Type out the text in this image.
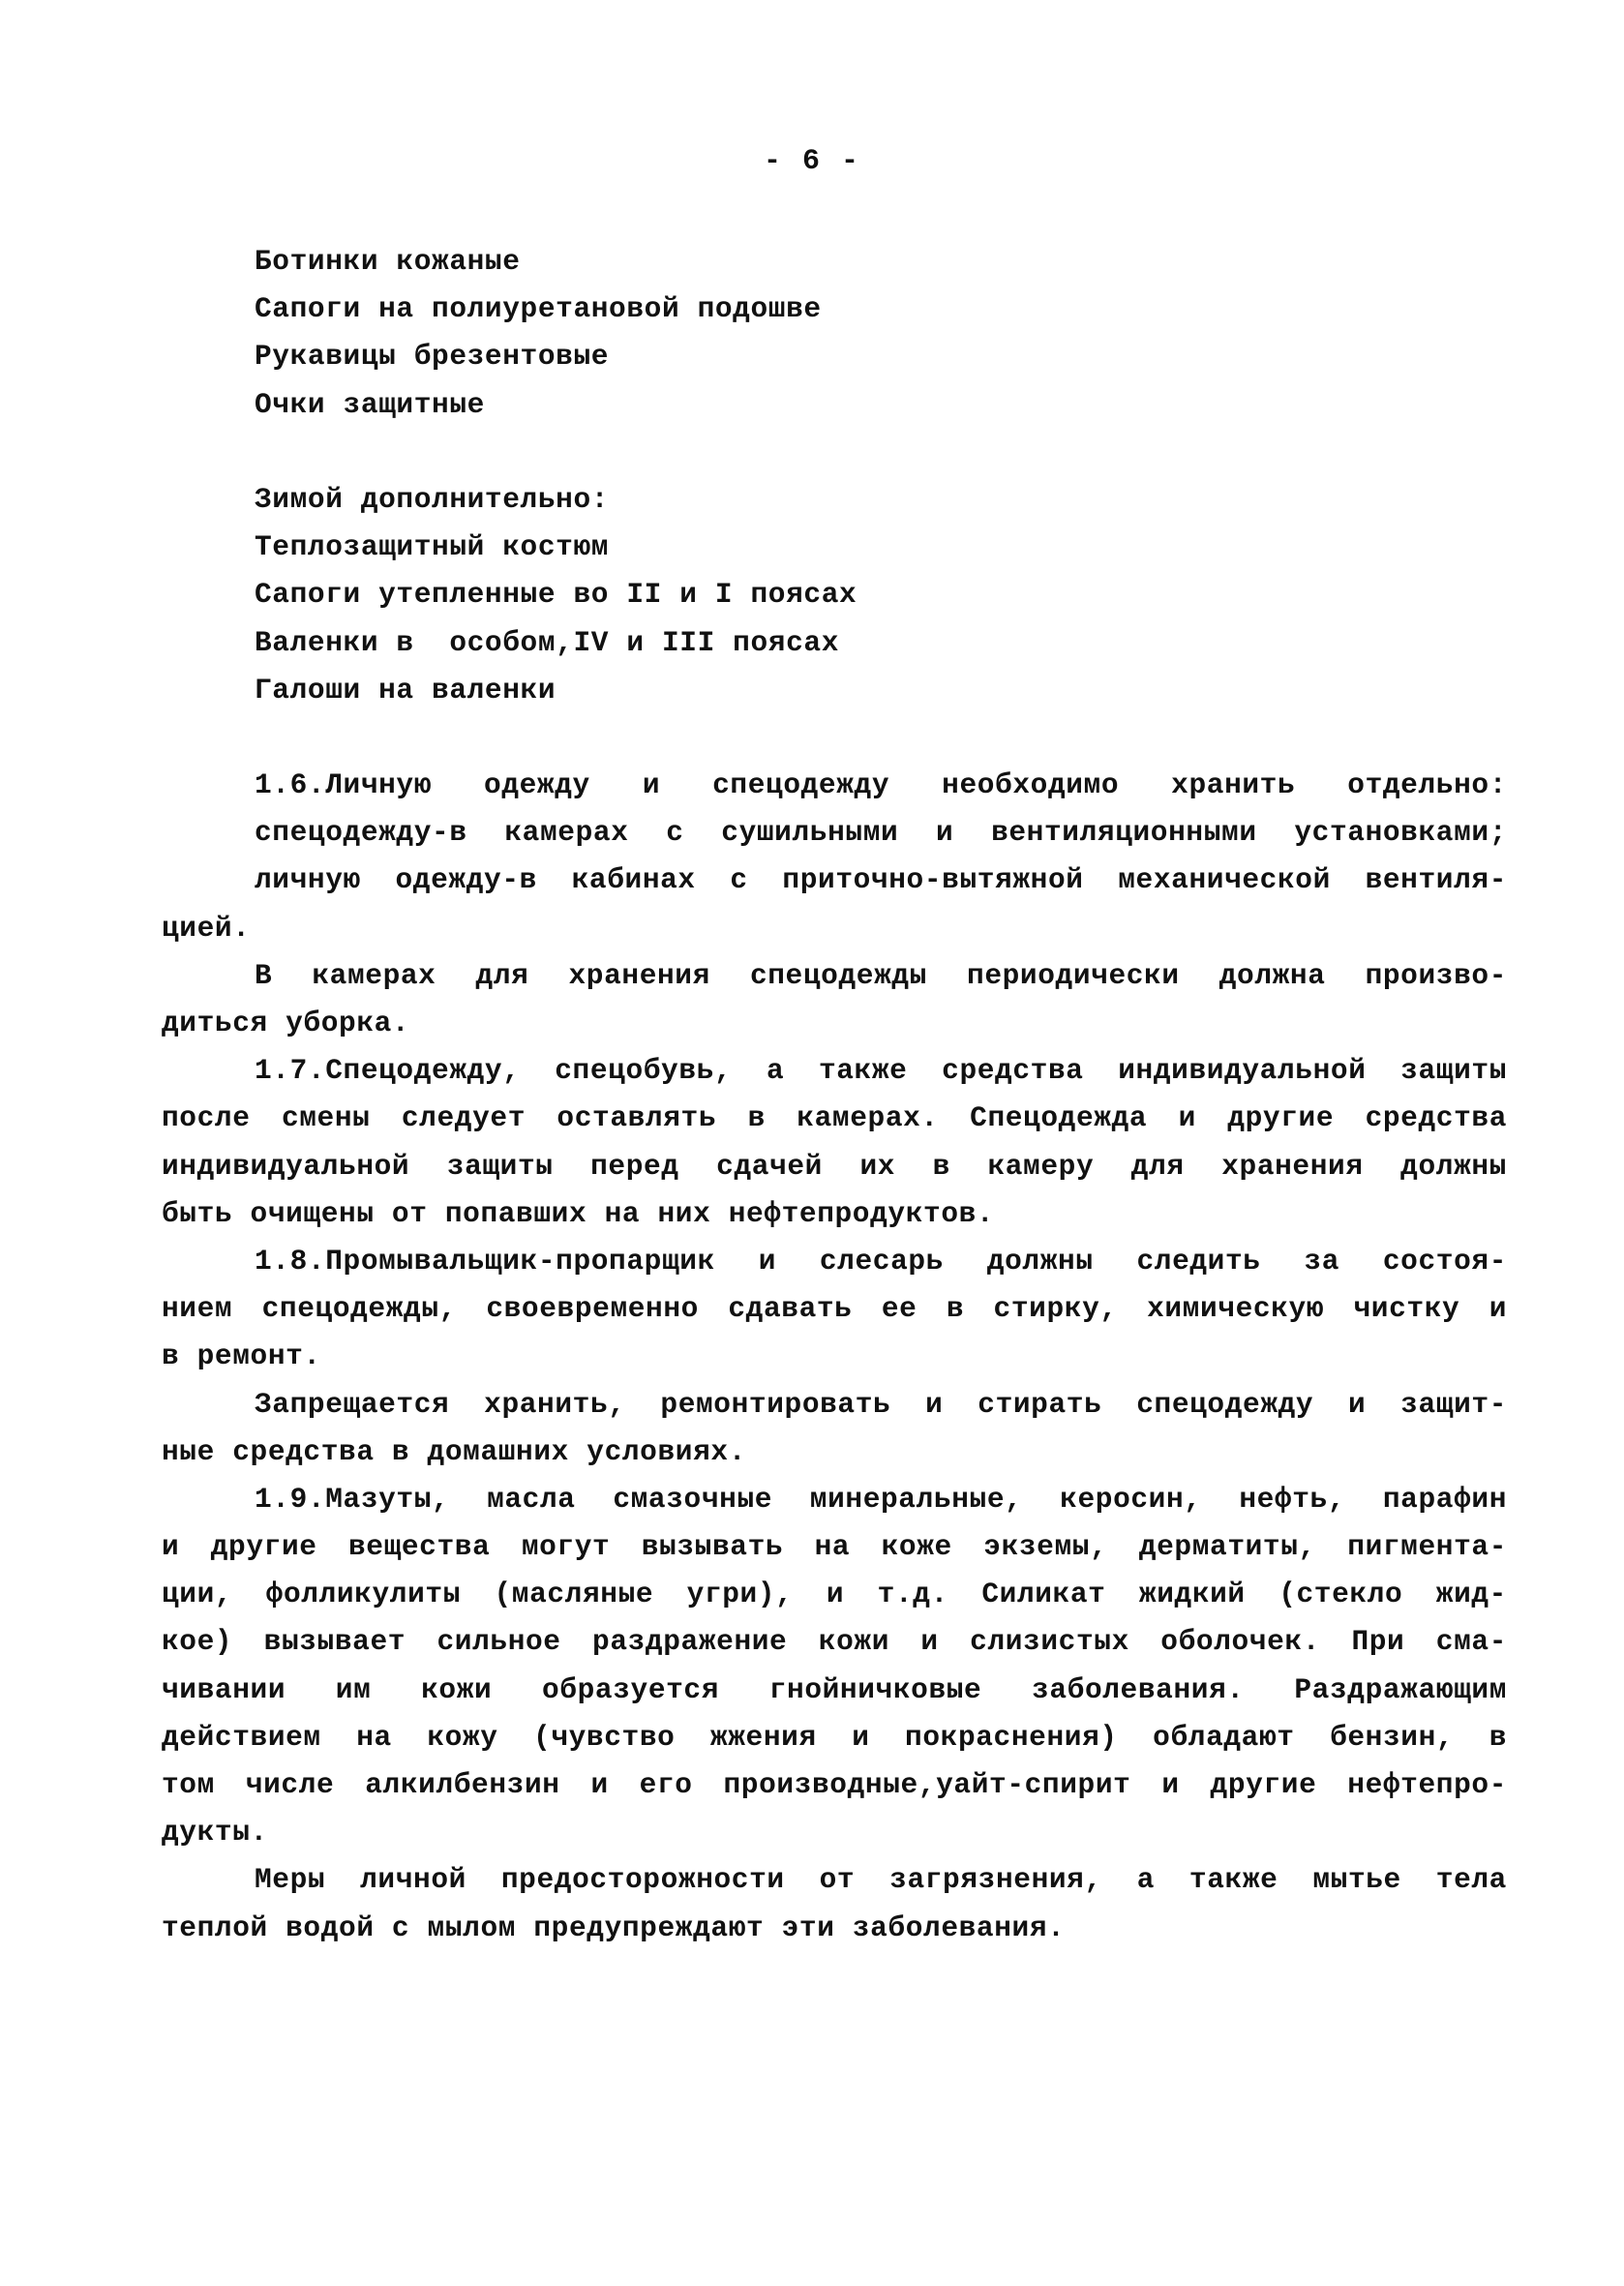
- 6 -
Ботинки кожаные
Сапоги на полиуретановой подошве
Рукавицы брезентовые
Очки защитные
Зимой дополнительно:
Теплозащитный костюм
Сапоги утепленные во II и I поясах
Валенки в  особом,IV и III поясах
Галоши на валенки
1.6.Личную одежду и спецодежду необходимо хранить отдельно:
спецодежду-в камерах с сушильными и вентиляционными установками;
личную одежду-в кабинах с приточно-вытяжной механической вентиля-
цией.
В камерах для хранения спецодежды периодически должна произво-
диться уборка.
1.7.Спецодежду, спецобувь, а также средства индивидуальной защиты
после смены следует оставлять в камерах. Спецодежда и другие средства
индивидуальной защиты перед сдачей их в камеру для хранения должны
быть очищены от попавших на них нефтепродуктов.
1.8.Промывальщик-пропарщик и слесарь должны следить за состоя-
нием спецодежды, своевременно сдавать ее в стирку, химическую чистку и
в ремонт.
Запрещается хранить, ремонтировать и стирать спецодежду и защит-
ные средства в домашних условиях.
1.9.Мазуты, масла смазочные минеральные, керосин, нефть, парафин
и другие вещества могут вызывать на коже экземы, дерматиты, пигмента-
ции, фолликулиты (масляные угри), и т.д. Силикат жидкий (стекло жид-
кое) вызывает сильное раздражение кожи и слизистых оболочек. При сма-
чивании им кожи образуется гнойничковые заболевания. Раздражающим
действием на кожу (чувство жжения и покраснения) обладают бензин, в
том числе алкилбензин и его производные,уайт-спирит и другие нефтепро-
дукты.
Меры личной предосторожности от загрязнения, а также мытье тела
теплой водой с мылом предупреждают эти заболевания.
